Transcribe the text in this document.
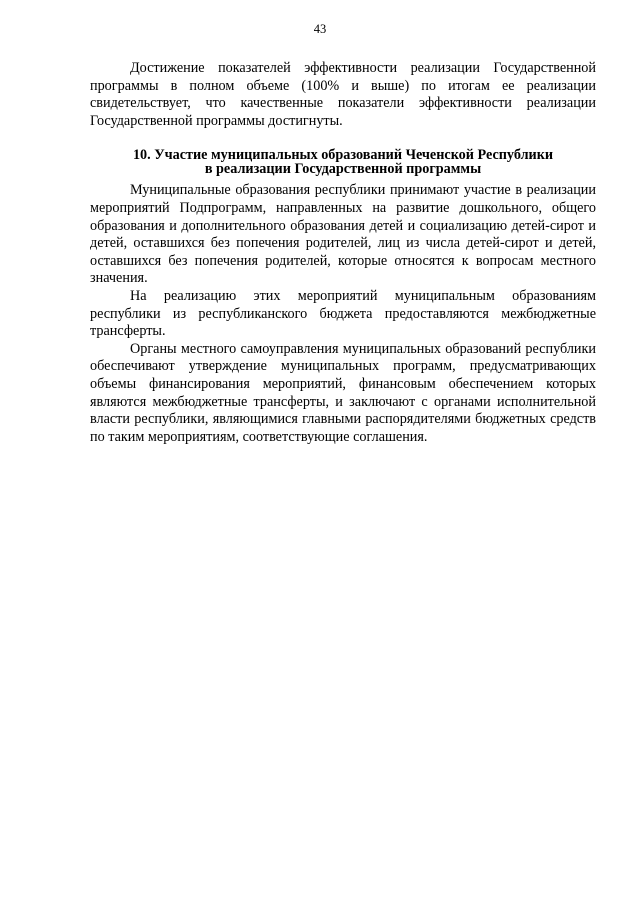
43

Достижение показателей эффективности реализации Государственной программы в полном объеме (100% и выше) по итогам ее реализации свидетельствует, что качественные показатели эффективности реализации Государственной программы достигнуты.

10. Участие муниципальных образований Чеченской Республики
в реализации Государственной программы

Муниципальные образования республики принимают участие в реализации мероприятий Подпрограмм, направленных на развитие дошкольного, общего образования и дополнительного образования детей и социализацию детей-сирот и детей, оставшихся без попечения родителей, лиц из числа детей-сирот и детей, оставшихся без попечения родителей, которые относятся к вопросам местного значения.

На реализацию этих мероприятий муниципальным образованиям республики из республиканского бюджета предоставляются межбюджетные трансферты.

Органы местного самоуправления муниципальных образований республики обеспечивают утверждение муниципальных программ, предусматривающих объемы финансирования мероприятий, финансовым обеспечением которых являются межбюджетные трансферты, и заключают с органами исполнительной власти республики, являющимися главными распорядителями бюджетных средств по таким мероприятиям, соответствующие соглашения.
